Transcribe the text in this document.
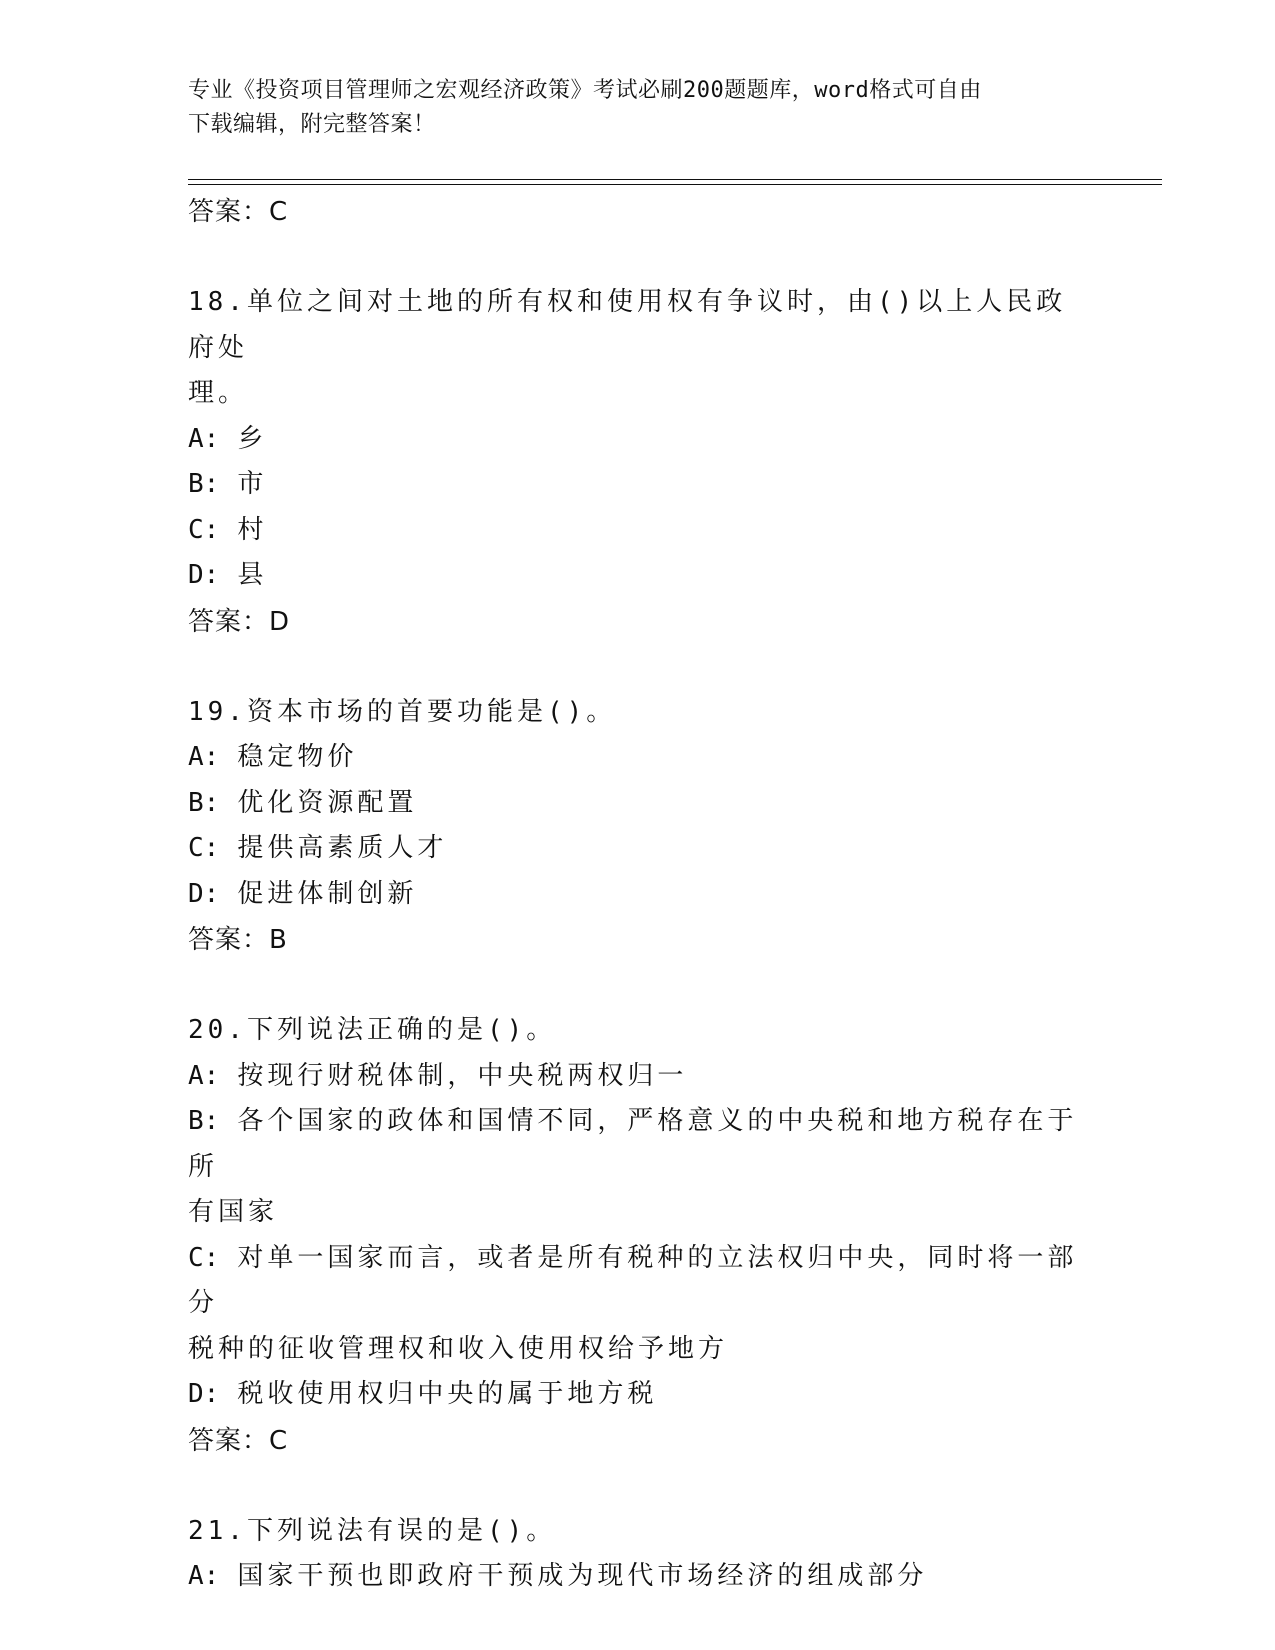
专业《投资项目管理师之宏观经济政策》考试必刷200题题库，word格式可自由
下载编辑，附完整答案！
答案：C
18.单位之间对土地的所有权和使用权有争议时，由()以上人民政府处
理。
A: 乡
B: 市
C: 村
D: 县
答案：D
19.资本市场的首要功能是()。
A: 稳定物价
B: 优化资源配置
C: 提供高素质人才
D: 促进体制创新
答案：B
20.下列说法正确的是()。
A: 按现行财税体制，中央税两权归一
B: 各个国家的政体和国情不同，严格意义的中央税和地方税存在于所
有国家
C: 对单一国家而言，或者是所有税种的立法权归中央，同时将一部分
税种的征收管理权和收入使用权给予地方
D: 税收使用权归中央的属于地方税
答案：C
21.下列说法有误的是()。
A: 国家干预也即政府干预成为现代市场经济的组成部分
